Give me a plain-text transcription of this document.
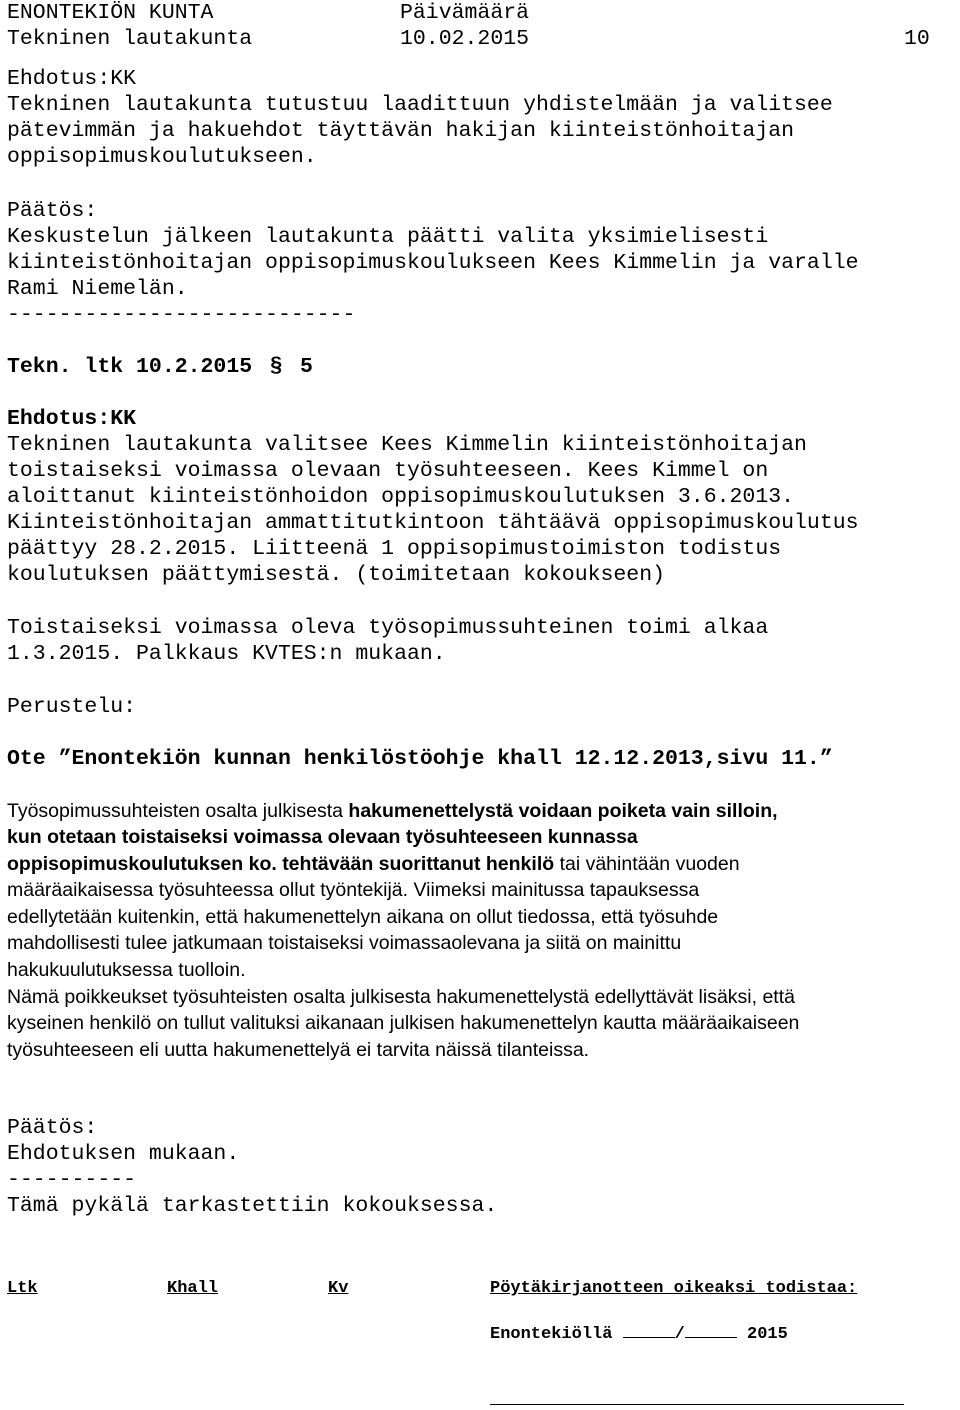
ENONTEKIÖN KUNTA	Päivämäärä
Tekninen lautakunta	10.02.2015	10
Ehdotus:KK
Tekninen lautakunta tutustuu laadittuun yhdistelmään ja valitsee
pätevimmän ja hakuehdot täyttävän hakijan kiinteistönhoitajan
oppisopimuskoulutukseen.
Päätös:
Keskustelun jälkeen lautakunta päätti valita yksimielisesti
kiinteistönhoitajan oppisopimuskoulukseen Kees Kimmelin ja varalle
Rami Niemelän.
---------------------------
Tekn. ltk 10.2.2015 § 5
Ehdotus:KK
Tekninen lautakunta valitsee Kees Kimmelin kiinteistönhoitajan
toistaiseksi voimassa olevaan työsuhteeseen. Kees Kimmel on
aloittanut kiinteistönhoidon oppisopimuskoulutuksen 3.6.2013.
Kiinteistönhoitajan ammattitutkintoon tähtäävä oppisopimuskoulutus
päättyy 28.2.2015. Liitteenä 1 oppisopimustoimiston todistus
koulutuksen päättymisestä. (toimitetaan kokoukseen)
Toistaiseksi voimassa oleva työsopimussuhteinen toimi alkaa
1.3.2015. Palkkaus KVTES:n mukaan.
Perustelu:
Ote ”Enontekiön kunnan henkilöstöohje khall 12.12.2013,sivu 11.”
Työsopimussuhteisten osalta julkisesta hakumenettelystä voidaan poiketa vain silloin,
kun otetaan toistaiseksi voimassa olevaan työsuhteeseen kunnassa
oppisopimuskoulutuksen ko. tehtävään suorittanut henkilö tai vähintään vuoden
määräaikaisessa työsuhteessa ollut työntekijä. Viimeksi mainitussa tapauksessa
edellytetään kuitenkin, että hakumenettelyn aikana on ollut tiedossa, että työsuhde
mahdollisesti tulee jatkumaan toistaiseksi voimassaolevana ja siitä on mainittu
hakukuulutuksessa tuolloin.
Nämä poikkeukset työsuhteisten osalta julkisesta hakumenettelystä edellyttävät lisäksi, että
kyseinen henkilö on tullut valituksi aikanaan julkisen hakumenettelyn kautta määräaikaiseen
työsuhteeseen eli uutta hakumenettelyä ei tarvita näissä tilanteissa.
Päätös:
Ehdotuksen mukaan.
----------
Tämä pykälä tarkastettiin kokouksessa.
Ltk	Khall	Kv	Pöytäkirjanotteen oikeaksi todistaa:
Enontekiöllä	/	2015
